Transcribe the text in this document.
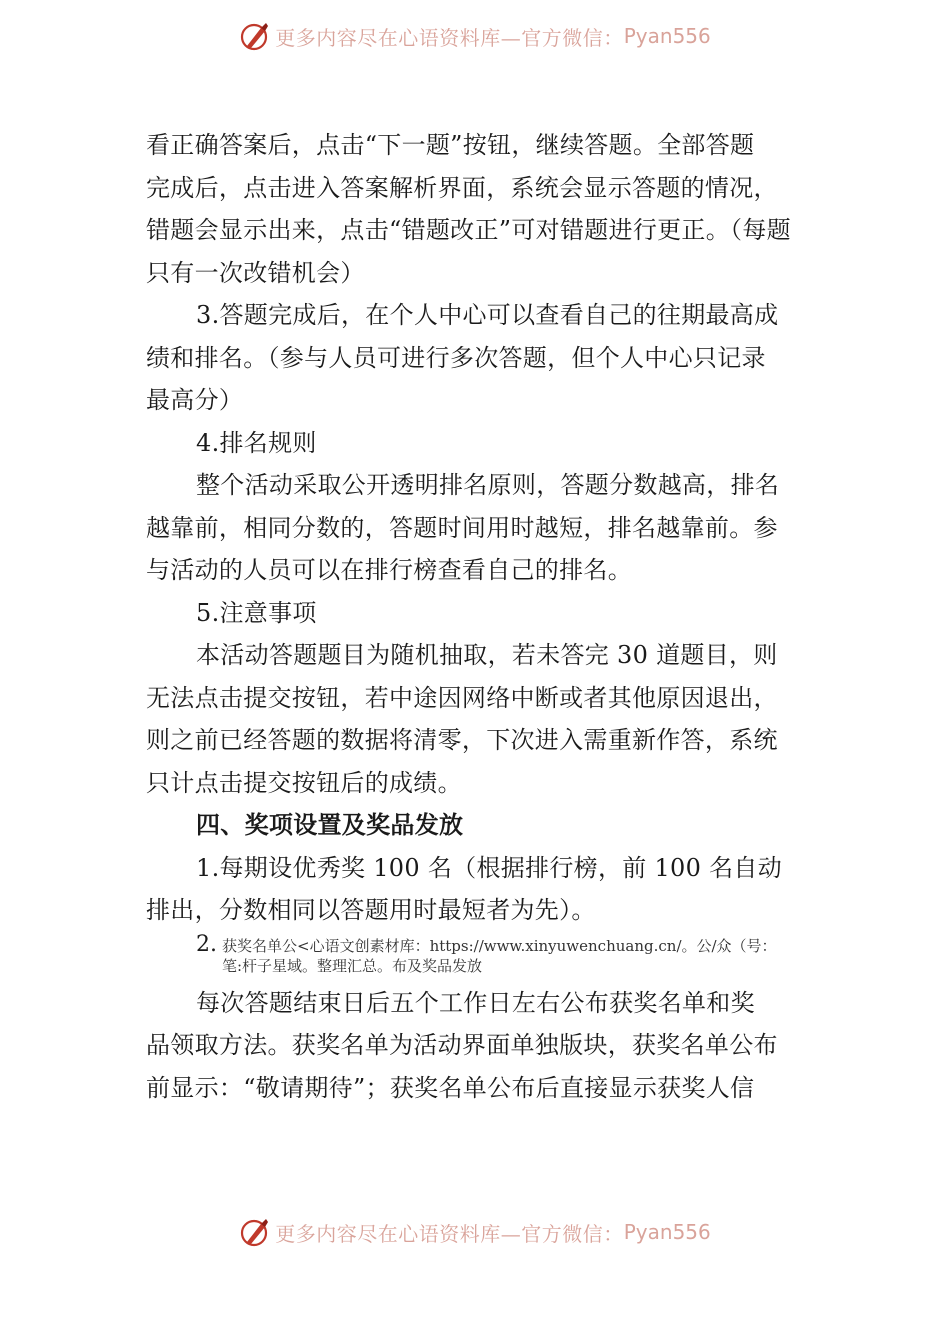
更多内容尽在心语资料库—官方微信： Pyan556
看正确答案后，点击“下一题”按钮，继续答题。全部答题
完成后，点击进入答案解析界面，系统会显示答题的情况，
错题会显示出来，点击“错题改正”可对错题进行更正。（每题
只有一次改错机会）
3.答题完成后，在个人中心可以查看自己的往期最高成
绩和排名。（参与人员可进行多次答题，但个人中心只记录
最高分）
4.排名规则
整个活动采取公开透明排名原则，答题分数越高，排名
越靠前，相同分数的，答题时间用时越短，排名越靠前。参
与活动的人员可以在排行榜查看自己的排名。
5.注意事项
本活动答题题目为随机抽取，若未答完 30 道题目，则
无法点击提交按钮，若中途因网络中断或者其他原因退出，
则之前已经答题的数据将清零，下次进入需重新作答，系统
只计点击提交按钮后的成绩。
四、奖项设置及奖品发放
1.每期设优秀奖 100 名（根据排行榜，前 100 名自动
排出，分数相同以答题用时最短者为先）。
2. 获奖名单公<心语文创素材库：https://www.xinyuwenchuang.cn/。公/众（号：
笔:杆子星域。整理汇总。布及奖品发放
每次答题结束日后五个工作日左右公布获奖名单和奖
品领取方法。获奖名单为活动界面单独版块，获奖名单公布
前显示：“敬请期待”；获奖名单公布后直接显示获奖人信
更多内容尽在心语资料库—官方微信： Pyan556
